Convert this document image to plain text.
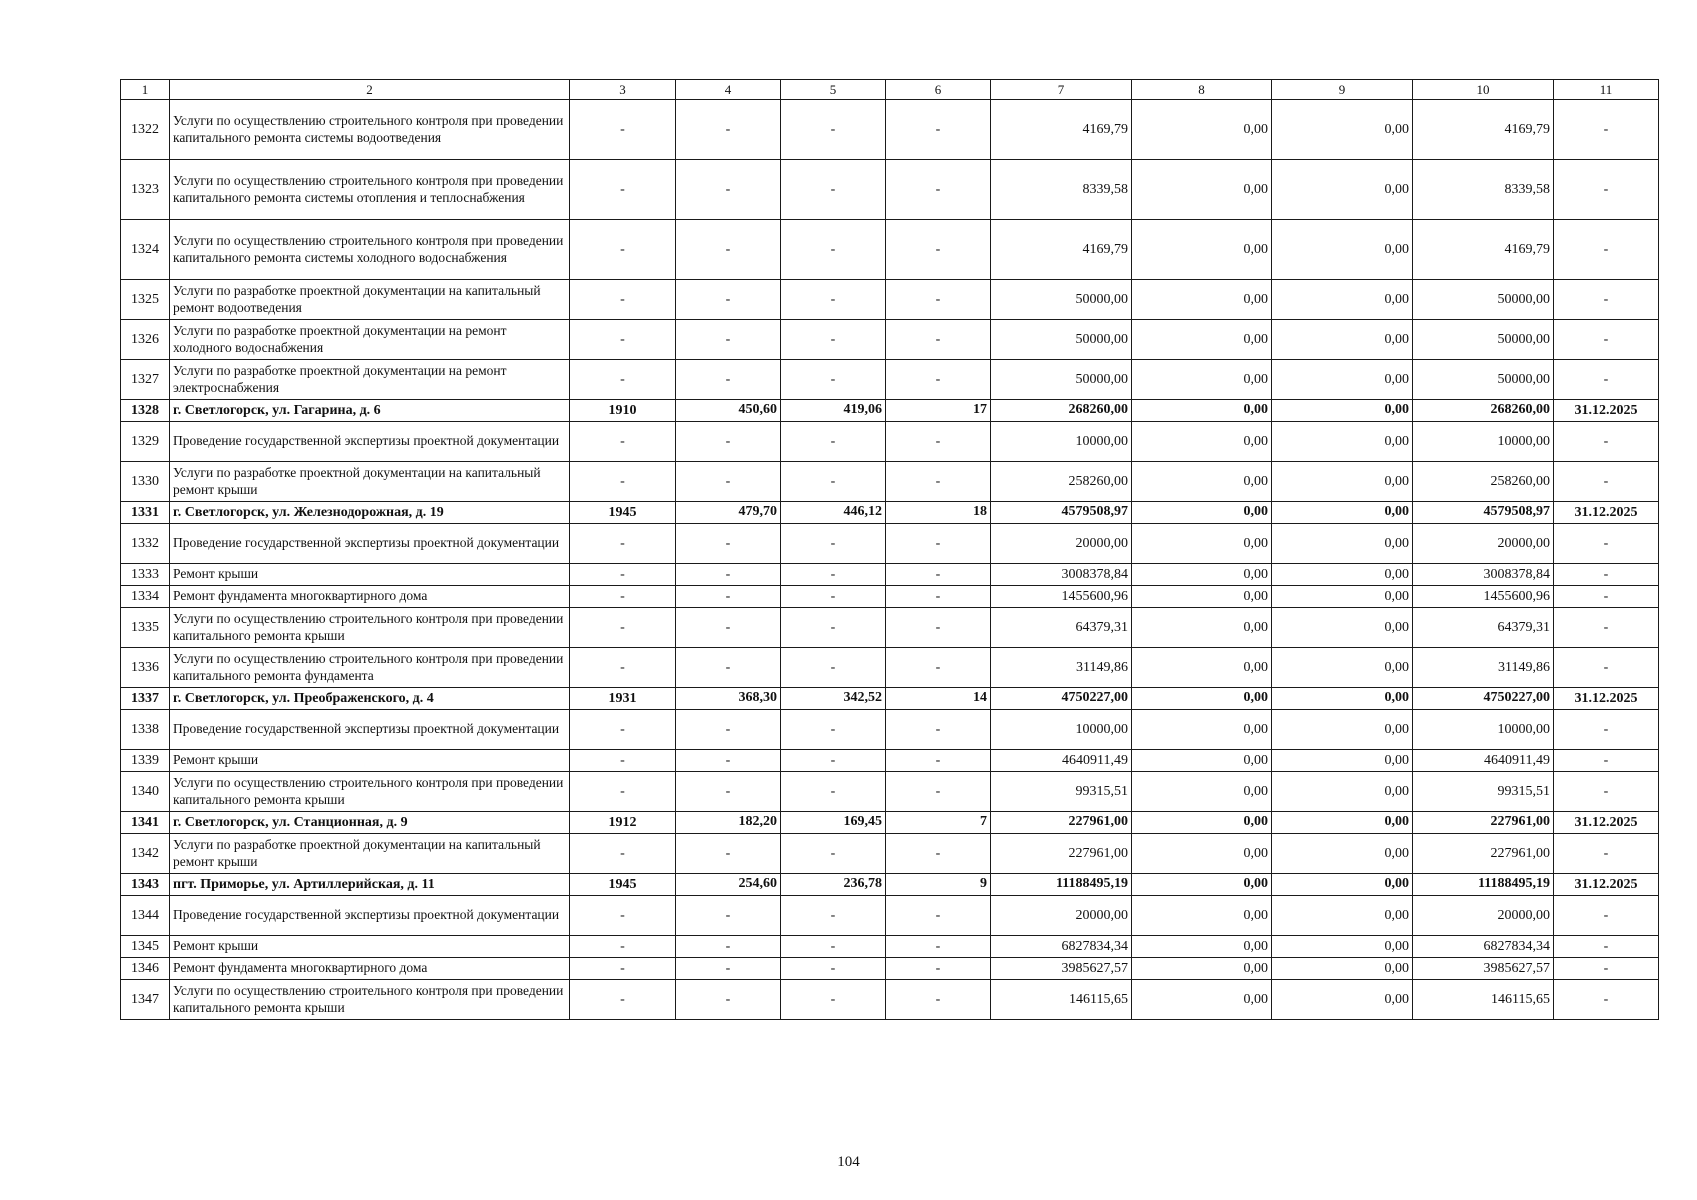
1	2	3	4	5	6	7	8	9	10	11
1322	Услуги по осуществлению строительного контроля при проведении капитального ремонта системы водоотведения	-	-	-	-	4169,79	0,00	0,00	4169,79	-
1323	Услуги по осуществлению строительного контроля при проведении капитального ремонта системы отопления и теплоснабжения	-	-	-	-	8339,58	0,00	0,00	8339,58	-
1324	Услуги по осуществлению строительного контроля при проведении капитального ремонта системы холодного водоснабжения	-	-	-	-	4169,79	0,00	0,00	4169,79	-
1325	Услуги по разработке проектной документации на капитальный ремонт водоотведения	-	-	-	-	50000,00	0,00	0,00	50000,00	-
1326	Услуги по разработке проектной документации на ремонт холодного водоснабжения	-	-	-	-	50000,00	0,00	0,00	50000,00	-
1327	Услуги по разработке проектной документации на ремонт электроснабжения	-	-	-	-	50000,00	0,00	0,00	50000,00	-
1328	г. Светлогорск, ул. Гагарина, д. 6	1910	450,60	419,06	17	268260,00	0,00	0,00	268260,00	31.12.2025
1329	Проведение государственной экспертизы проектной документации	-	-	-	-	10000,00	0,00	0,00	10000,00	-
1330	Услуги по разработке проектной документации на капитальный ремонт крыши	-	-	-	-	258260,00	0,00	0,00	258260,00	-
1331	г. Светлогорск, ул. Железнодорожная, д. 19	1945	479,70	446,12	18	4579508,97	0,00	0,00	4579508,97	31.12.2025
1332	Проведение государственной экспертизы проектной документации	-	-	-	-	20000,00	0,00	0,00	20000,00	-
1333	Ремонт крыши	-	-	-	-	3008378,84	0,00	0,00	3008378,84	-
1334	Ремонт фундамента многоквартирного дома	-	-	-	-	1455600,96	0,00	0,00	1455600,96	-
1335	Услуги по осуществлению строительного контроля при проведении капитального ремонта крыши	-	-	-	-	64379,31	0,00	0,00	64379,31	-
1336	Услуги по осуществлению строительного контроля при проведении капитального ремонта фундамента	-	-	-	-	31149,86	0,00	0,00	31149,86	-
1337	г. Светлогорск, ул. Преображенского, д. 4	1931	368,30	342,52	14	4750227,00	0,00	0,00	4750227,00	31.12.2025
1338	Проведение государственной экспертизы проектной документации	-	-	-	-	10000,00	0,00	0,00	10000,00	-
1339	Ремонт крыши	-	-	-	-	4640911,49	0,00	0,00	4640911,49	-
1340	Услуги по осуществлению строительного контроля при проведении капитального ремонта крыши	-	-	-	-	99315,51	0,00	0,00	99315,51	-
1341	г. Светлогорск, ул. Станционная, д. 9	1912	182,20	169,45	7	227961,00	0,00	0,00	227961,00	31.12.2025
1342	Услуги по разработке проектной документации на капитальный ремонт крыши	-	-	-	-	227961,00	0,00	0,00	227961,00	-
1343	пгт. Приморье, ул. Артиллерийская, д. 11	1945	254,60	236,78	9	11188495,19	0,00	0,00	11188495,19	31.12.2025
1344	Проведение государственной экспертизы проектной документации	-	-	-	-	20000,00	0,00	0,00	20000,00	-
1345	Ремонт крыши	-	-	-	-	6827834,34	0,00	0,00	6827834,34	-
1346	Ремонт фундамента многоквартирного дома	-	-	-	-	3985627,57	0,00	0,00	3985627,57	-
1347	Услуги по осуществлению строительного контроля при проведении капитального ремонта крыши	-	-	-	-	146115,65	0,00	0,00	146115,65	-
104
